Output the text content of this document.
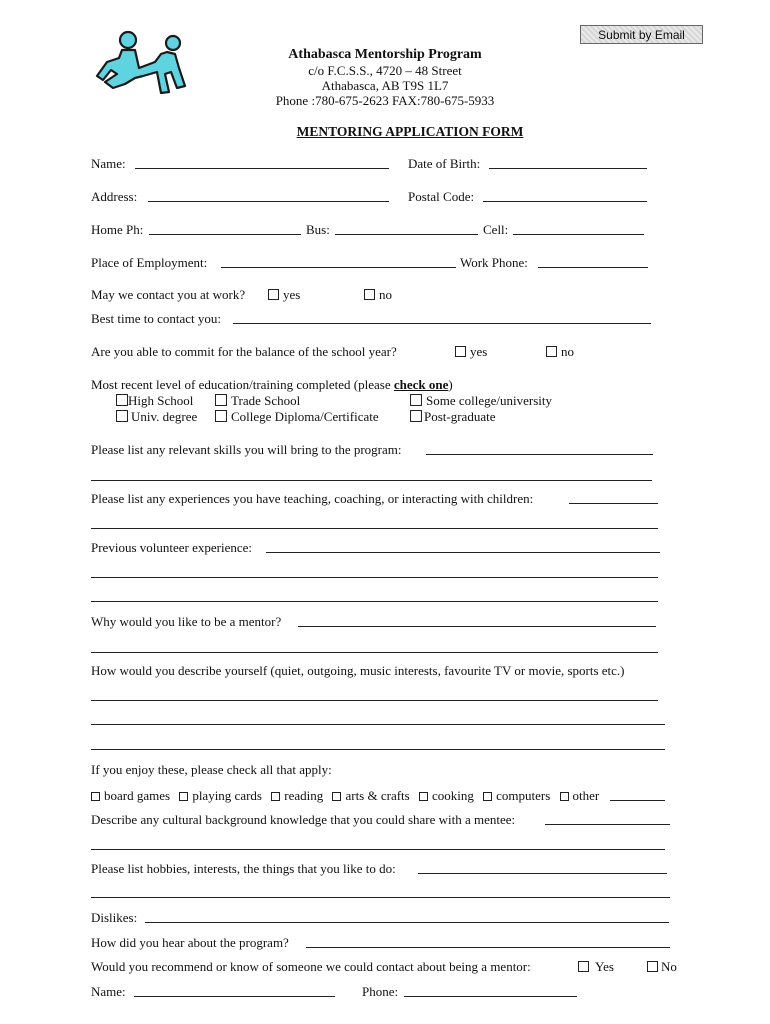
Submit by Email
Athabasca Mentorship Program
c/o F.C.S.S., 4720 – 48 Street
Athabasca, AB T9S 1L7
Phone :780-675-2623 FAX:780-675-5933
MENTORING APPLICATION FORM
Name:	Date of Birth:
Address:	Postal Code:
Home Ph:	Bus:	Cell:
Place of Employment:	Work Phone:
May we contact you at work?	yes	no
Best time to contact you:
Are you able to commit for the balance of the school year?	yes	no
Most recent level of education/training completed (please check one)
High School	Trade School	Some college/university
Univ. degree	College Diploma/Certificate	Post-graduate
Please list any relevant skills you will bring to the program:
Please list any experiences you have teaching, coaching, or interacting with children:
Previous volunteer experience:
Why would you like to be a mentor?
How would you describe yourself (quiet, outgoing, music interests, favourite TV or movie, sports etc.)
If you enjoy these, please check all that apply:
board games playing cards reading arts & crafts cooking computers other
Describe any cultural background knowledge that you could share with a mentee:
Please list hobbies, interests, the things that you like to do:
Dislikes:
How did you hear about the program?
Would you recommend or know of someone we could contact about being a mentor:	Yes	No
Name:	Phone:
